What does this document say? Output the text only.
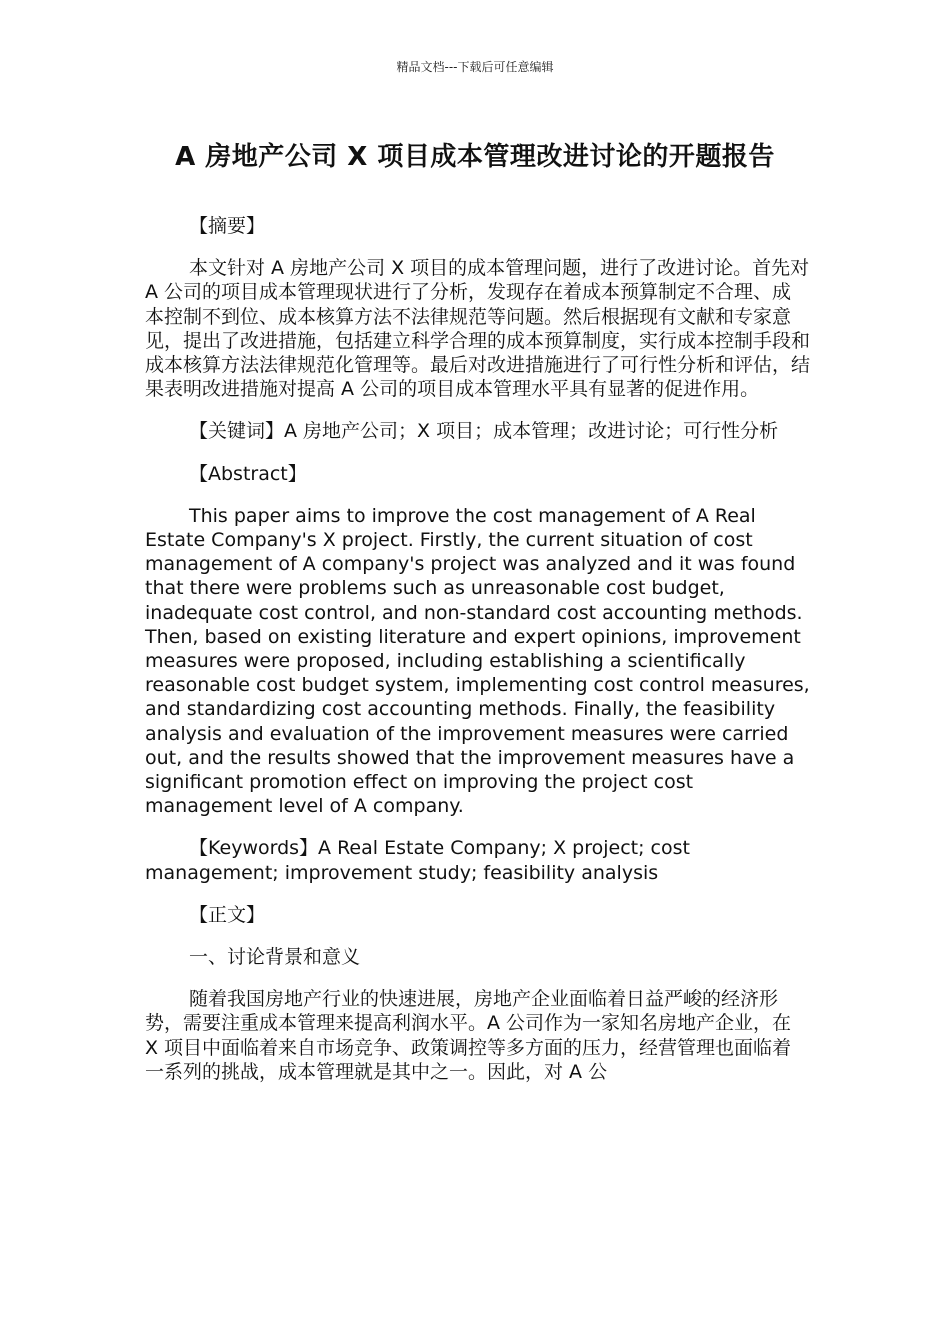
精品文档---下载后可任意编辑
A 房地产公司 X 项目成本管理改进讨论的开题报告

【摘要】

本文针对 A 房地产公司 X 项目的成本管理问题，进行了改进讨论。首先对 A 公司的项目成本管理现状进行了分析，发现存在着成本预算制定不合理、成本控制不到位、成本核算方法不法律规范等问题。然后根据现有文献和专家意见，提出了改进措施，包括建立科学合理的成本预算制度，实行成本控制手段和成本核算方法法律规范化管理等。最后对改进措施进行了可行性分析和评估，结果表明改进措施对提高 A 公司的项目成本管理水平具有显著的促进作用。

【关键词】A 房地产公司；X 项目；成本管理；改进讨论；可行性分析

【Abstract】

This paper aims to improve the cost management of A Real Estate Company's X project. Firstly, the current situation of cost management of A company's project was analyzed and it was found that there were problems such as unreasonable cost budget, inadequate cost control, and non-standard cost accounting methods. Then, based on existing literature and expert opinions, improvement measures were proposed, including establishing a scientifically reasonable cost budget system, implementing cost control measures, and standardizing cost accounting methods. Finally, the feasibility analysis and evaluation of the improvement measures were carried out, and the results showed that the improvement measures have a significant promotion effect on improving the project cost management level of A company.

【Keywords】A Real Estate Company; X project; cost management; improvement study; feasibility analysis

【正文】

一、讨论背景和意义

随着我国房地产行业的快速进展，房地产企业面临着日益严峻的经济形势，需要注重成本管理来提高利润水平。A 公司作为一家知名房地产企业，在 X 项目中面临着来自市场竞争、政策调控等多方面的压力，经营管理也面临着一系列的挑战，成本管理就是其中之一。因此，对 A 公
